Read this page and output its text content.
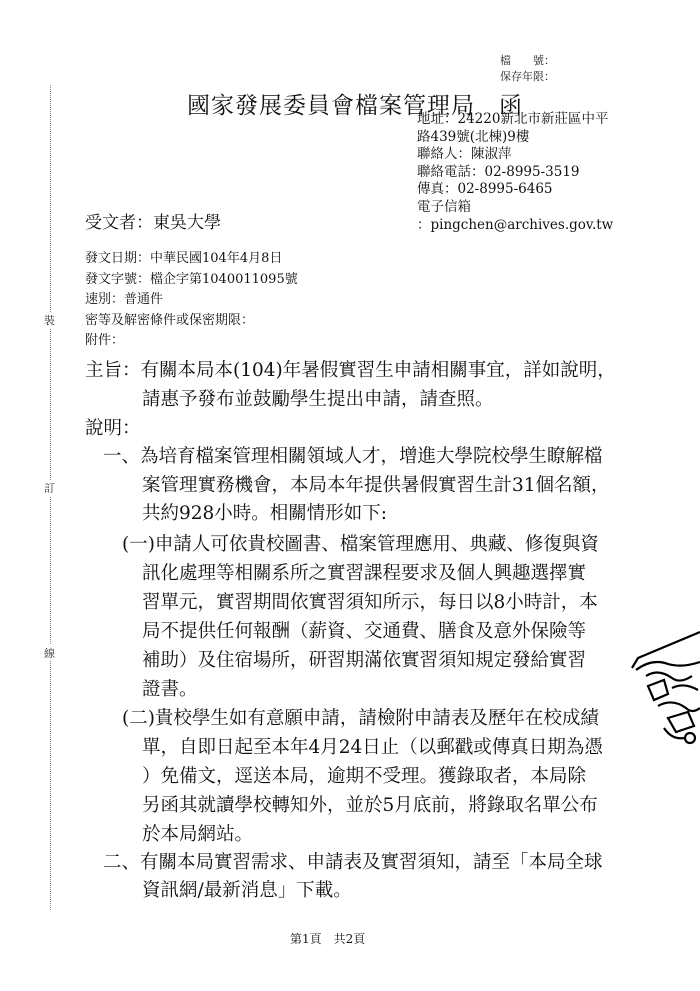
檔　　號：
保存年限：
國家發展委員會檔案管理局　函
地址：24220新北市新莊區中平
路439號(北棟)9樓
聯絡人：陳淑萍
聯絡電話：02-8995-3519
傳真：02-8995-6465
電子信箱
：pingchen@archives.gov.tw
受文者：東吳大學
發文日期：中華民國104年4月8日
發文字號：檔企字第1040011095號
速別：普通件
密等及解密條件或保密期限：
附件：
裝
訂
線
主旨：有關本局本(104)年暑假實習生申請相關事宜，詳如說明，
請惠予發布並鼓勵學生提出申請，請查照。
說明：
一、為培育檔案管理相關領域人才，增進大學院校學生瞭解檔
案管理實務機會，本局本年提供暑假實習生計31個名額，
共約928小時。相關情形如下:
(一)申請人可依貴校圖書、檔案管理應用、典藏、修復與資
訊化處理等相關系所之實習課程要求及個人興趣選擇實
習單元，實習期間依實習須知所示，每日以8小時計，本
局不提供任何報酬（薪資、交通費、膳食及意外保險等
補助）及住宿場所，研習期滿依實習須知規定發給實習
證書。
(二)貴校學生如有意願申請，請檢附申請表及歷年在校成績
單，自即日起至本年4月24日止（以郵戳或傳真日期為憑
）免備文，逕送本局，逾期不受理。獲錄取者，本局除
另函其就讀學校轉知外，並於5月底前，將錄取名單公布
於本局網站。
二、有關本局實習需求、申請表及實習須知，請至「本局全球
資訊網/最新消息」下載。
第1頁　共2頁
